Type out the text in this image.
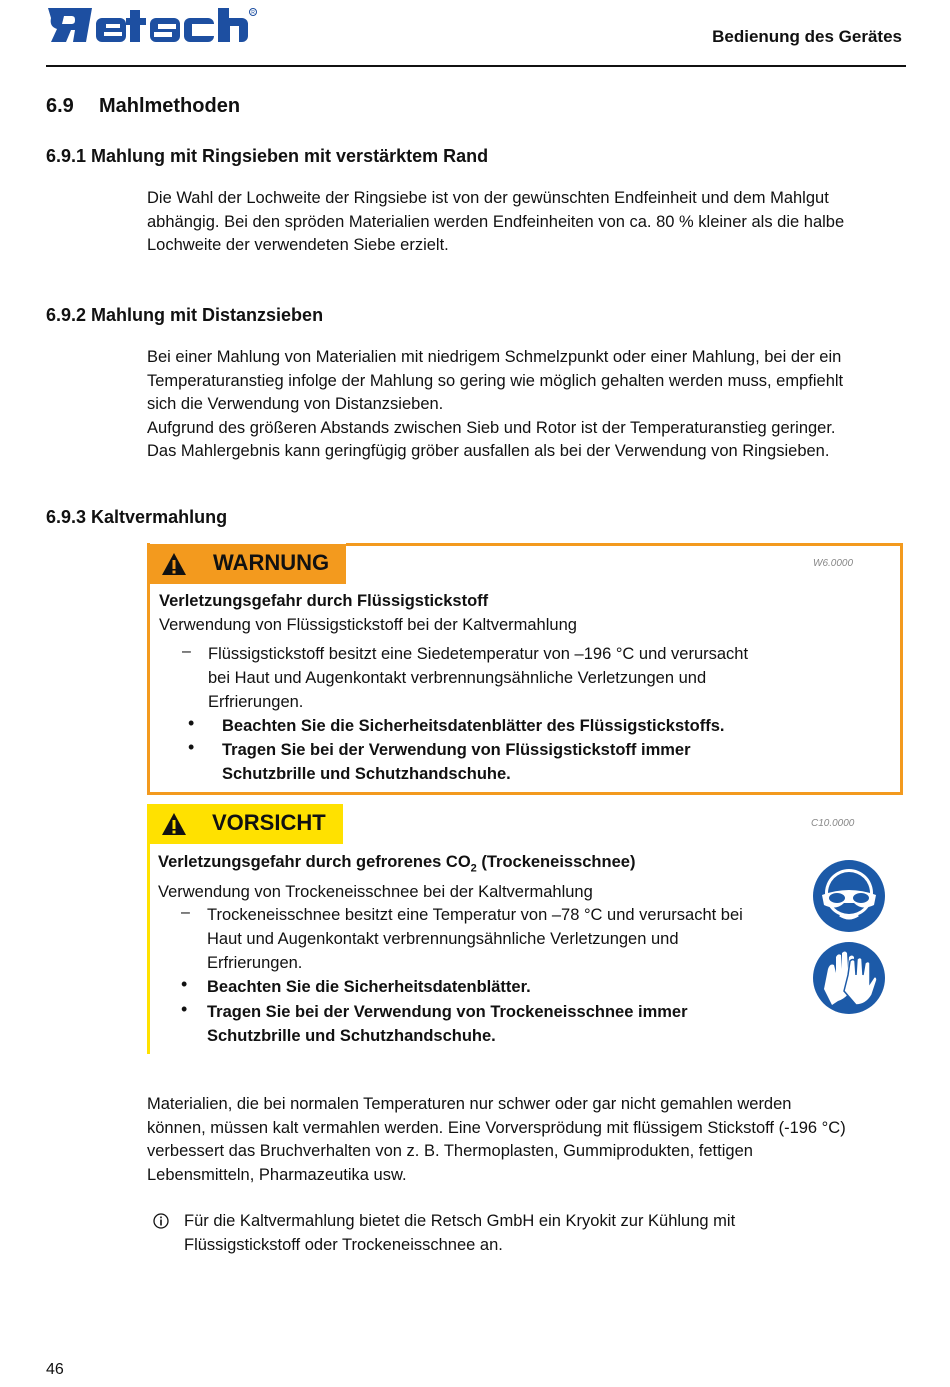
R
Bedienung des Gerätes
6.9 Mahlmethoden
6.9.1 Mahlung mit Ringsieben mit verstärktem Rand

Die Wahl der Lochweite der Ringsiebe ist von der gewünschten Endfeinheit und dem Mahlgut

abhängig. Bei den spröden Materialien werden Endfeinheiten von ca. 80 % kleiner als die halbe

Lochweite der verwendeten Siebe erzielt.

6.9.2 Mahlung mit Distanzsieben

Bei einer Mahlung von Materialien mit niedrigem Schmelzpunkt oder einer Mahlung, bei der ein

Temperaturanstieg infolge der Mahlung so gering wie möglich gehalten werden muss, empfiehlt

sich die Verwendung von Distanzsieben.

Aufgrund des größeren Abstands zwischen Sieb und Rotor ist der Temperaturanstieg geringer.

Das Mahlergebnis kann geringfügig gröber ausfallen als bei der Verwendung von Ringsieben.

6.9.3 Kaltvermahlung
WARNUNG	W6.0000
Verletzungsgefahr durch Flüssigstickstoff
Verwendung von Flüssigstickstoff bei der Kaltvermahlung
– Flüssigstickstoff besitzt eine Siedetemperatur von –196 °C und verursacht
bei Haut und Augenkontakt verbrennungsähnliche Verletzungen und
Erfrierungen.
• Beachten Sie die Sicherheitsdatenblätter des Flüssigstickstoffs.
• Tragen Sie bei der Verwendung von Flüssigstickstoff immer
Schutzbrille und Schutzhandschuhe.
VORSICHT	C10.0000
Verletzungsgefahr durch gefrorenes $CO_2$ (Trockeneisschnee)
Verwendung von Trockeneisschnee bei der Kaltvermahlung
– Trockeneisschnee besitzt eine Temperatur von –78 °C und verursacht bei
Haut und Augenkontakt verbrennungsähnliche Verletzungen und
Erfrierungen.
• Beachten Sie die Sicherheitsdatenblätter.
• Tragen Sie bei der Verwendung von Trockeneisschnee immer
Schutzbrille und Schutzhandschuhe.

Materialien, die bei normalen Temperaturen nur schwer oder gar nicht gemahlen werden

können, müssen kalt vermahlen werden. Eine Vorversprödung mit flüssigem Stickstoff (-196 °C)

verbessert das Bruchverhalten von z. B. Thermoplasten, Gummiprodukten, fettigen

Lebensmitteln, Pharmazeutika usw.

Für die Kaltvermahlung bietet die Retsch GmbH ein Kryokit zur Kühlung mit

Flüssigstickstoff oder Trockeneisschnee an.

46
